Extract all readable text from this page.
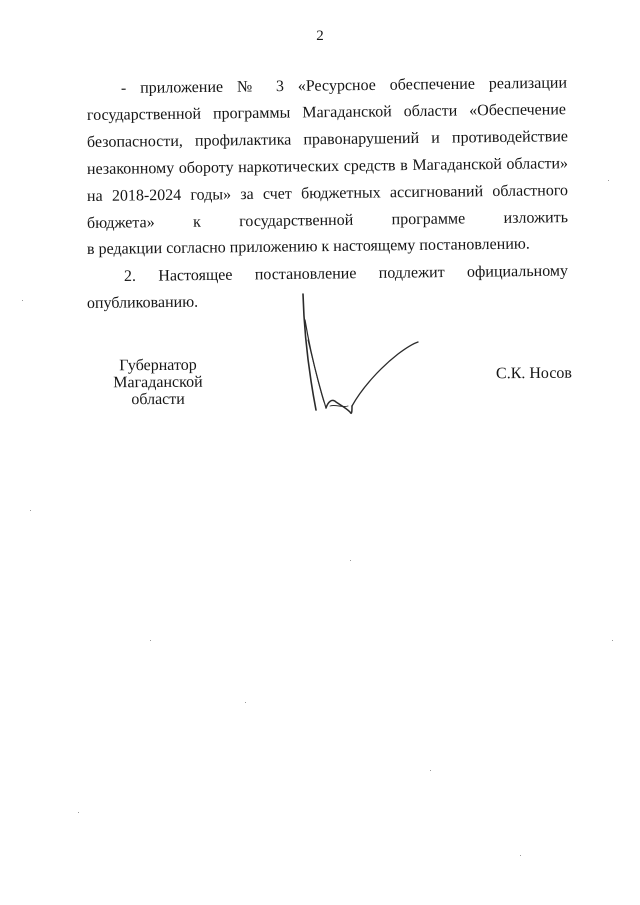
2
- приложение № 3 «Ресурсное обеспечение реализации
государственной программы Магаданской области «Обеспечение
безопасности, профилактика правонарушений и противодействие
незаконному обороту наркотических средств в Магаданской области»
на 2018-2024 годы» за счет бюджетных ассигнований областного
бюджета» к государственной программе изложить
в редакции согласно приложению к настоящему постановлению.
2. Настоящее постановление подлежит официальному
опубликованию.
Губернатор
Магаданской области
С.К. Носов
